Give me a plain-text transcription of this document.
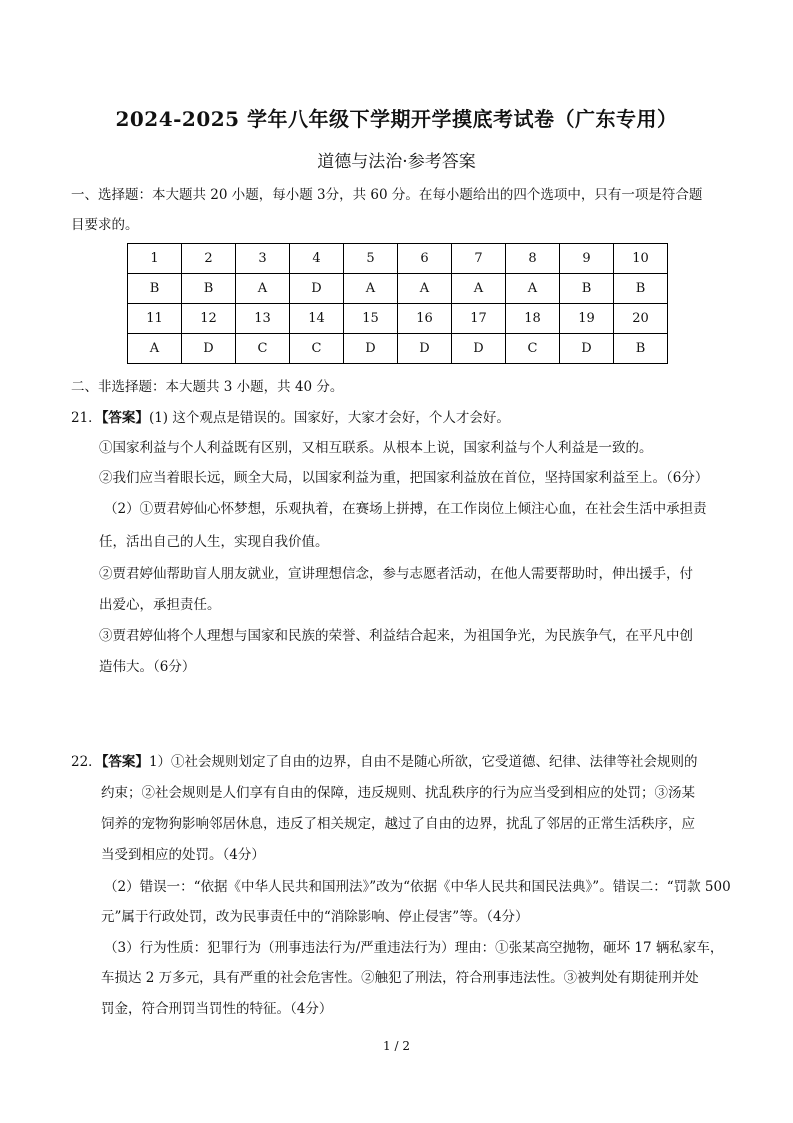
2024-2025 学年八年级下学期开学摸底考试卷（广东专用）
道德与法治·参考答案
一、选择题：本大题共 20 小题，每小题 3分，共 60 分。在每小题给出的四个选项中，只有一项是符合题
目要求的。
1	2	3	4	5	6	7	8	9	10
B	B	A	D	A	A	A	A	B	B
11	12	13	14	15	16	17	18	19	20
A	D	C	C	D	D	D	C	D	B
二、非选择题：本大题共 3 小题，共 40 分。
21．【答案】(1) 这个观点是错误的。国家好，大家才会好，个人才会好。
①国家利益与个人利益既有区别，又相互联系。从根本上说，国家利益与个人利益是一致的。
②我们应当着眼长远，顾全大局，以国家利益为重，把国家利益放在首位，坚持国家利益至上。（6分）
（2）①贾君婷仙心怀梦想，乐观执着，在赛场上拼搏，在工作岗位上倾注心血，在社会生活中承担责
任，活出自己的人生，实现自我价值。
②贾君婷仙帮助盲人朋友就业，宣讲理想信念，参与志愿者活动，在他人需要帮助时，伸出援手，付
出爱心，承担责任。
③贾君婷仙将个人理想与国家和民族的荣誉、利益结合起来，为祖国争光，为民族争气，在平凡中创
造伟大。（6分）
22．【答案】1）①社会规则划定了自由的边界，自由不是随心所欲，它受道德、纪律、法律等社会规则的
约束；②社会规则是人们享有自由的保障，违反规则、扰乱秩序的行为应当受到相应的处罚；③汤某
饲养的宠物狗影响邻居休息，违反了相关规定，越过了自由的边界，扰乱了邻居的正常生活秩序，应
当受到相应的处罚。（4分）
（2）错误一：“依据《中华人民共和国刑法》”改为“依据《中华人民共和国民法典》”。错误二：“罚款 500
元”属于行政处罚，改为民事责任中的“消除影响、停止侵害”等。（4分）
（3）行为性质：犯罪行为（刑事违法行为/严重违法行为）理由：①张某高空抛物，砸坏 17 辆私家车，
车损达 2 万多元，具有严重的社会危害性。②触犯了刑法，符合刑事违法性。③被判处有期徒刑并处
罚金，符合刑罚当罚性的特征。（4分）
1 / 2
